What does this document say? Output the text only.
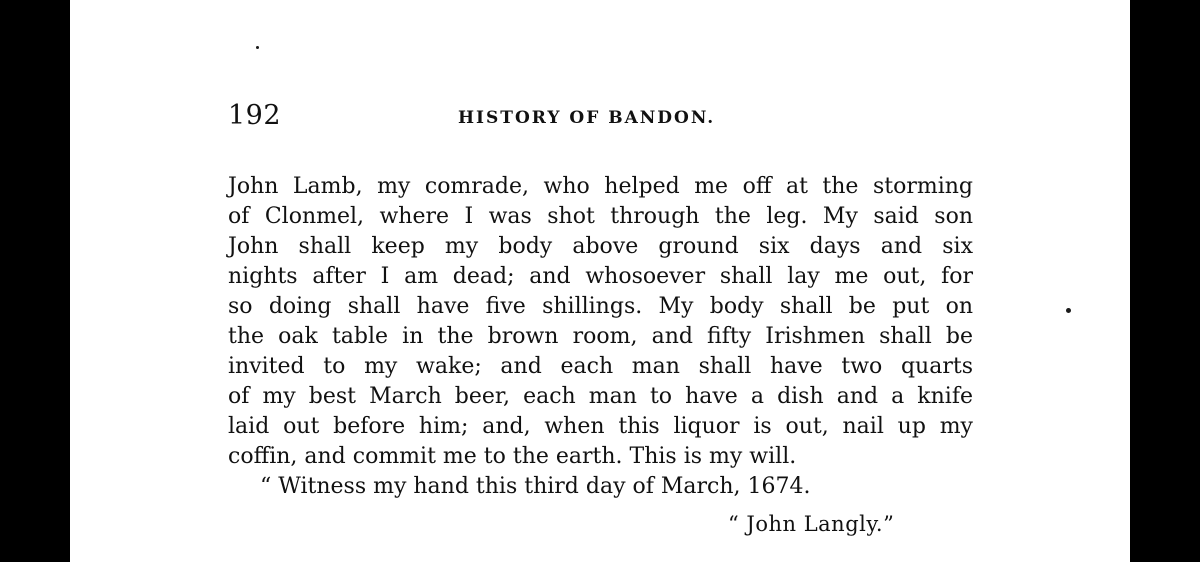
192	HISTORY OF BANDON.
John Lamb, my comrade, who helped me off at the storming
of Clonmel, where I was shot through the leg. My said son
John shall keep my body above ground six days and six
nights after I am dead; and whosoever shall lay me out, for
so doing shall have five shillings. My body shall be put on
the oak table in the brown room, and fifty Irishmen shall be
invited to my wake; and each man shall have two quarts
of my best March beer, each man to have a dish and a knife
laid out before him; and, when this liquor is out, nail up my
coffin, and commit me to the earth. This is my will.
“ Witness my hand this third day of March, 1674.
“ John Langly.”
